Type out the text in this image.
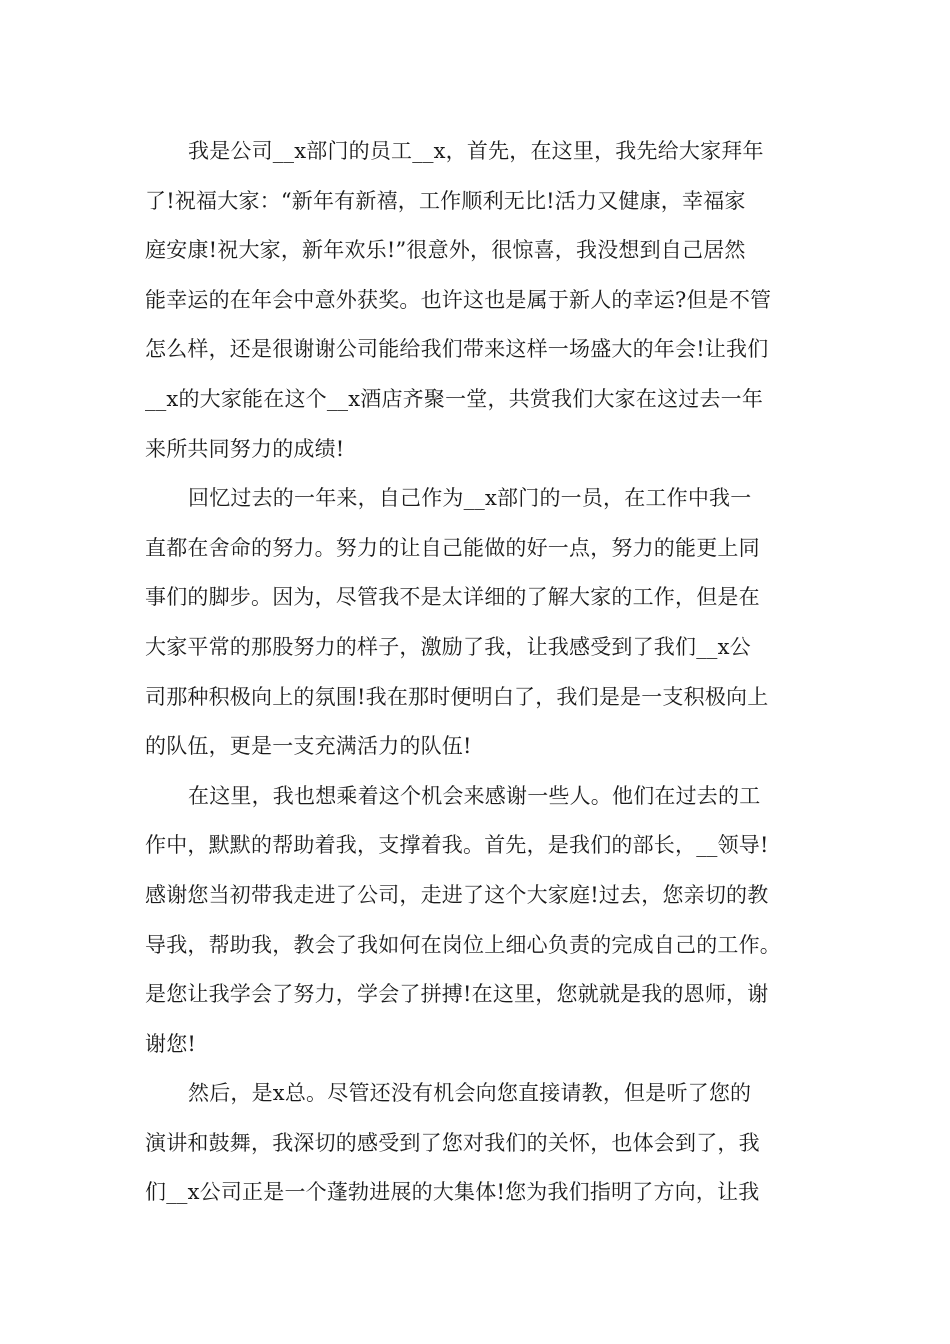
我是公司__x部门的员工__x，首先，在这里，我先给大家拜年
了!祝福大家：“新年有新禧，工作顺利无比!活力又健康，幸福家
庭安康!祝大家，新年欢乐!”很意外，很惊喜，我没想到自己居然
能幸运的在年会中意外获奖。也许这也是属于新人的幸运?但是不管
怎么样，还是很谢谢公司能给我们带来这样一场盛大的年会!让我们
__x的大家能在这个__x酒店齐聚一堂，共赏我们大家在这过去一年
来所共同努力的成绩!
回忆过去的一年来，自己作为__x部门的一员，在工作中我一
直都在舍命的努力。努力的让自己能做的好一点，努力的能更上同
事们的脚步。因为，尽管我不是太详细的了解大家的工作，但是在
大家平常的那股努力的样子，激励了我，让我感受到了我们__x公
司那种积极向上的氛围!我在那时便明白了，我们是是一支积极向上
的队伍，更是一支充满活力的队伍!
在这里，我也想乘着这个机会来感谢一些人。他们在过去的工
作中，默默的帮助着我，支撑着我。首先，是我们的部长，__领导!
感谢您当初带我走进了公司，走进了这个大家庭!过去，您亲切的教
导我，帮助我，教会了我如何在岗位上细心负责的完成自己的工作。
是您让我学会了努力，学会了拼搏!在这里，您就就是我的恩师，谢
谢您!
然后，是x总。尽管还没有机会向您直接请教，但是听了您的
演讲和鼓舞，我深切的感受到了您对我们的关怀，也体会到了，我
们__x公司正是一个蓬勃进展的大集体!您为我们指明了方向，让我
